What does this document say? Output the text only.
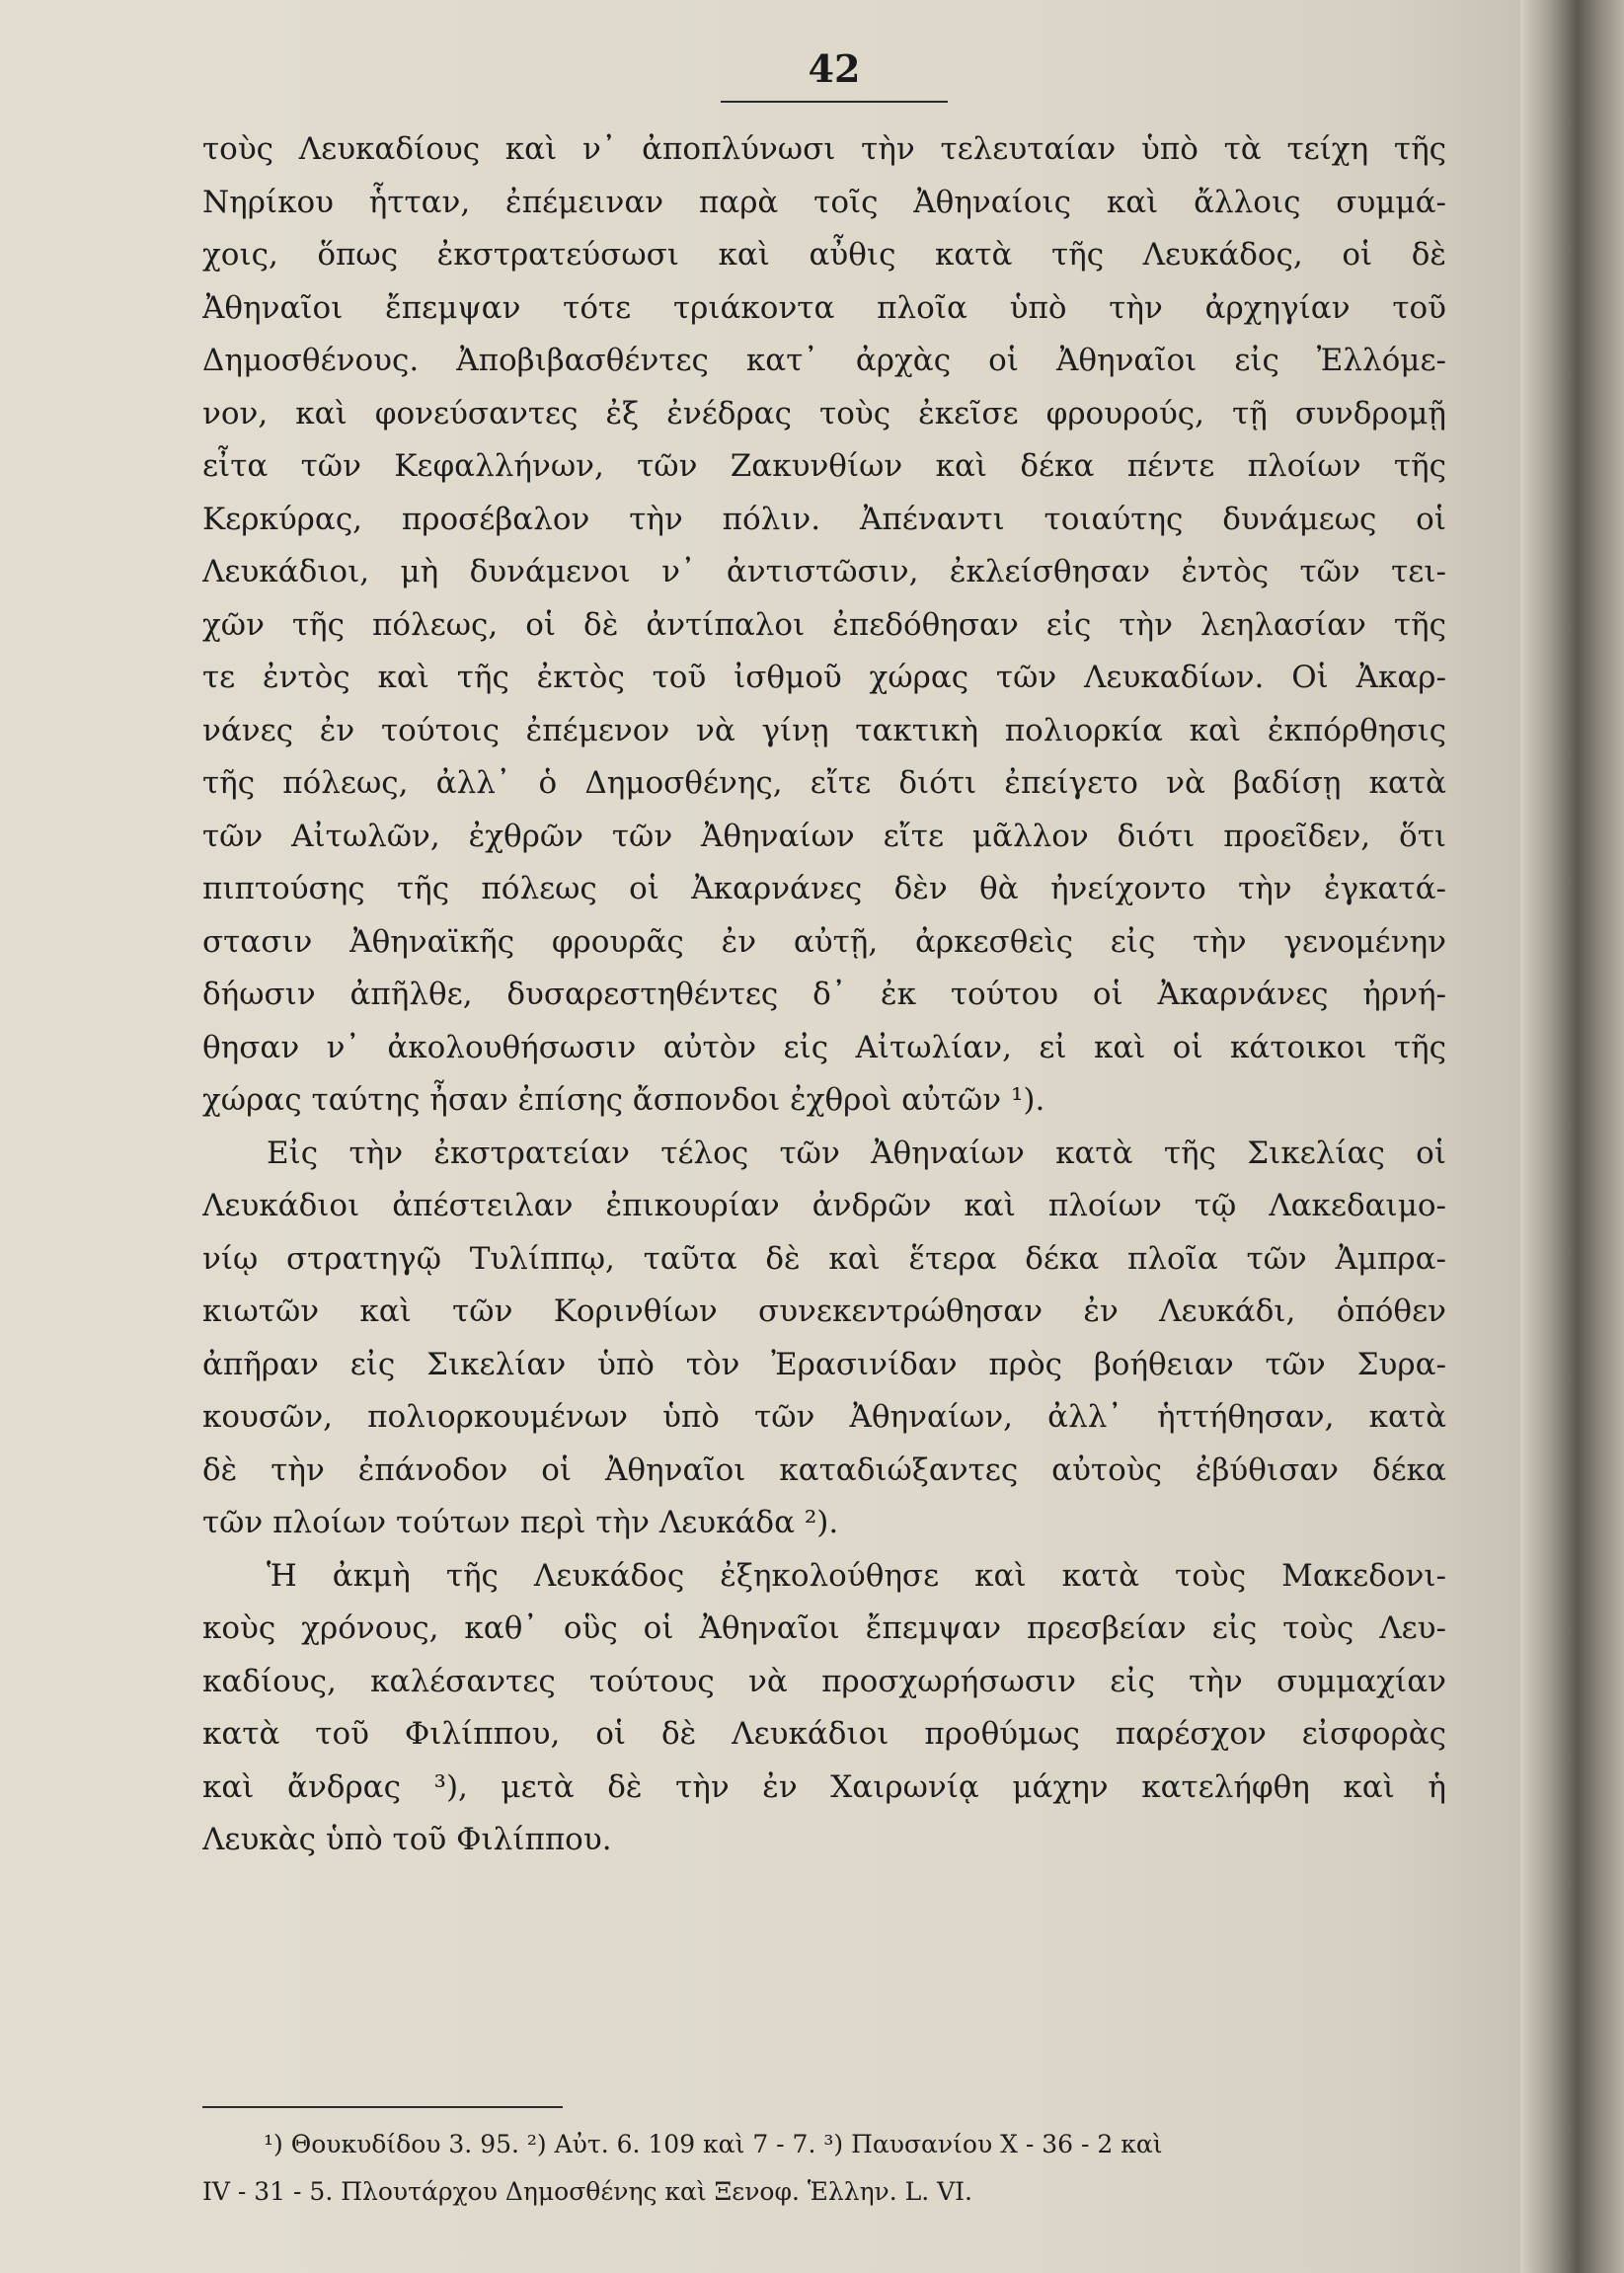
42
τοὺς Λευκαδίους καὶ ν᾽ ἀποπλύνωσι τὴν τελευταίαν ὑπὸ τὰ τείχη τῆς
Νηρίκου ἧτταν, ἐπέμειναν παρὰ τοῖς Ἀθηναίοις καὶ ἄλλοις συμμά-
χοις, ὅπως ἐκστρατεύσωσι καὶ αὖθις κατὰ τῆς Λευκάδος, οἱ δὲ
Ἀθηναῖοι ἔπεμψαν τότε τριάκοντα πλοῖα ὑπὸ τὴν ἀρχηγίαν τοῦ
Δημοσθένους. Ἀποβιβασθέντες κατ᾽ ἀρχὰς οἱ Ἀθηναῖοι εἰς Ἐλλόμε-
νον, καὶ φονεύσαντες ἐξ ἐνέδρας τοὺς ἐκεῖσε φρουρούς, τῇ συνδρομῇ
εἶτα τῶν Κεφαλλήνων, τῶν Ζακυνθίων καὶ δέκα πέντε πλοίων τῆς
Κερκύρας, προσέβαλον τὴν πόλιν. Ἀπέναντι τοιαύτης δυνάμεως οἱ
Λευκάδιοι, μὴ δυνάμενοι ν᾽ ἀντιστῶσιν, ἐκλείσθησαν ἐντὸς τῶν τει-
χῶν τῆς πόλεως, οἱ δὲ ἀντίπαλοι ἐπεδόθησαν εἰς τὴν λεηλασίαν τῆς
τε ἐντὸς καὶ τῆς ἐκτὸς τοῦ ἰσθμοῦ χώρας τῶν Λευκαδίων. Οἱ Ἀκαρ-
νάνες ἐν τούτοις ἐπέμενον νὰ γίνῃ τακτικὴ πολιορκία καὶ ἐκπόρθησις
τῆς πόλεως, ἀλλ᾽ ὁ Δημοσθένης, εἴτε διότι ἐπείγετο νὰ βαδίσῃ κατὰ
τῶν Αἰτωλῶν, ἐχθρῶν τῶν Ἀθηναίων εἴτε μᾶλλον διότι προεῖδεν, ὅτι
πιπτούσης τῆς πόλεως οἱ Ἀκαρνάνες δὲν θὰ ἠνείχοντο τὴν ἐγκατά-
στασιν Ἀθηναϊκῆς φρουρᾶς ἐν αὐτῇ, ἀρκεσθεὶς εἰς τὴν γενομένην
δήωσιν ἀπῆλθε, δυσαρεστηθέντες δ᾽ ἐκ τούτου οἱ Ἀκαρνάνες ἠρνή-
θησαν ν᾽ ἀκολουθήσωσιν αὐτὸν εἰς Αἰτωλίαν, εἰ καὶ οἱ κάτοικοι τῆς
χώρας ταύτης ἦσαν ἐπίσης ἄσπονδοι ἐχθροὶ αὐτῶν ¹).
Εἰς τὴν ἐκστρατείαν τέλος τῶν Ἀθηναίων κατὰ τῆς Σικελίας οἱ
Λευκάδιοι ἀπέστειλαν ἐπικουρίαν ἀνδρῶν καὶ πλοίων τῷ Λακεδαιμο-
νίῳ στρατηγῷ Τυλίππῳ, ταῦτα δὲ καὶ ἕτερα δέκα πλοῖα τῶν Ἀμπρα-
κιωτῶν καὶ τῶν Κορινθίων συνεκεντρώθησαν ἐν Λευκάδι, ὁπόθεν
ἀπῆραν εἰς Σικελίαν ὑπὸ τὸν Ἐρασινίδαν πρὸς βοήθειαν τῶν Συρα-
κουσῶν, πολιορκουμένων ὑπὸ τῶν Ἀθηναίων, ἀλλ᾽ ἡττήθησαν, κατὰ
δὲ τὴν ἐπάνοδον οἱ Ἀθηναῖοι καταδιώξαντες αὐτοὺς ἐβύθισαν δέκα
τῶν πλοίων τούτων περὶ τὴν Λευκάδα ²).
Ἡ ἀκμὴ τῆς Λευκάδος ἐξηκολούθησε καὶ κατὰ τοὺς Μακεδονι-
κοὺς χρόνους, καθ᾽ οὓς οἱ Ἀθηναῖοι ἔπεμψαν πρεσβείαν εἰς τοὺς Λευ-
καδίους, καλέσαντες τούτους νὰ προσχωρήσωσιν εἰς τὴν συμμαχίαν
κατὰ τοῦ Φιλίππου, οἱ δὲ Λευκάδιοι προθύμως παρέσχον εἰσφορὰς
καὶ ἄνδρας ³), μετὰ δὲ τὴν ἐν Χαιρωνίᾳ μάχην κατελήφθη καὶ ἡ
Λευκὰς ὑπὸ τοῦ Φιλίππου.
¹) Θουκυδίδου 3. 95. ²) Αὐτ. 6. 109 καὶ 7 - 7. ³) Παυσανίου X - 36 - 2 καὶ
IV - 31 - 5. Πλουτάρχου Δημοσθένης καὶ Ξενοφ. Ἑλλην. L. VI.
